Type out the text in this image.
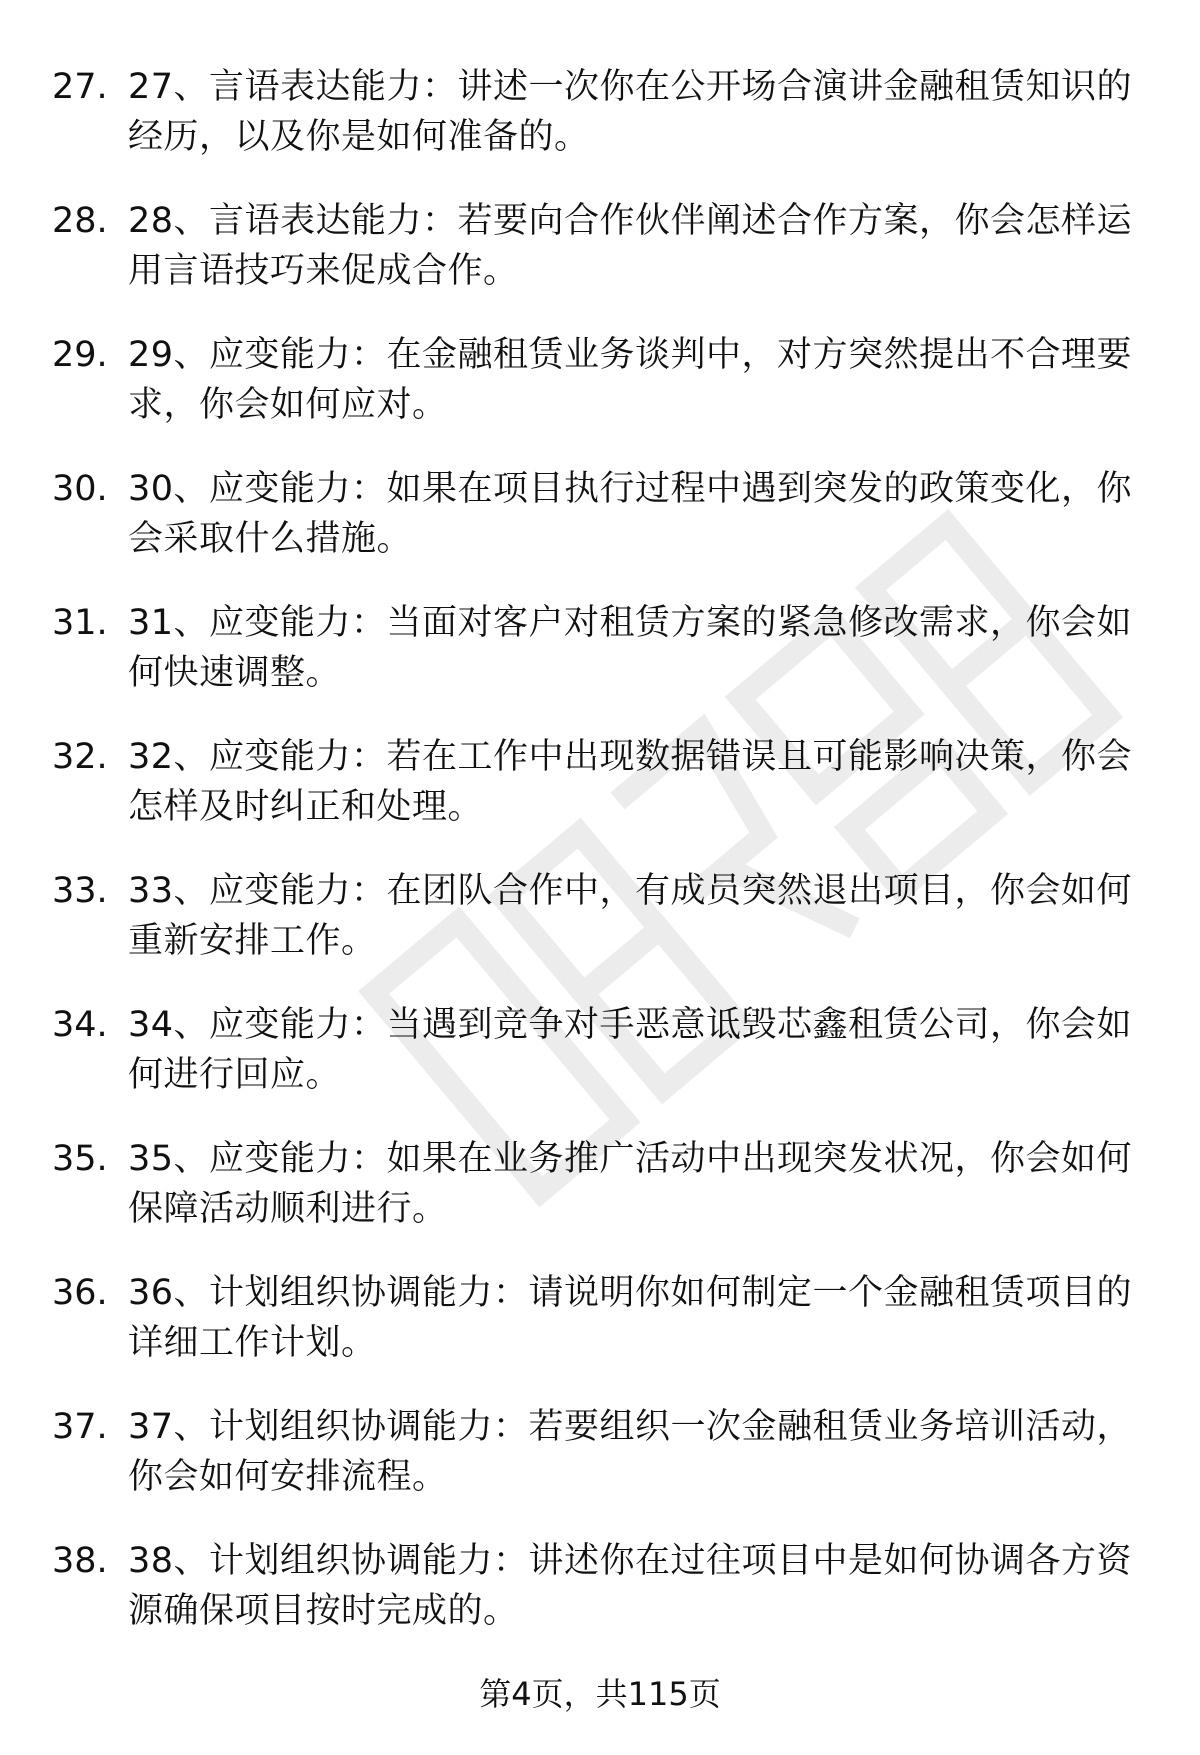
27. 27、言语表达能力：讲述一次你在公开场合演讲金融租赁知识的经历，以及你是如何准备的。
28. 28、言语表达能力：若要向合作伙伴阐述合作方案，你会怎样运用言语技巧来促成合作。
29. 29、应变能力：在金融租赁业务谈判中，对方突然提出不合理要求，你会如何应对。
30. 30、应变能力：如果在项目执行过程中遇到突发的政策变化，你会采取什么措施。
31. 31、应变能力：当面对客户对租赁方案的紧急修改需求，你会如何快速调整。
32. 32、应变能力：若在工作中出现数据错误且可能影响决策，你会怎样及时纠正和处理。
33. 33、应变能力：在团队合作中，有成员突然退出项目，你会如何重新安排工作。
34. 34、应变能力：当遇到竞争对手恶意诋毁芯鑫租赁公司，你会如何进行回应。
35. 35、应变能力：如果在业务推广活动中出现突发状况，你会如何保障活动顺利进行。
36. 36、计划组织协调能力：请说明你如何制定一个金融租赁项目的详细工作计划。
37. 37、计划组织协调能力：若要组织一次金融租赁业务培训活动，你会如何安排流程。
38. 38、计划组织协调能力：讲述你在过往项目中是如何协调各方资源确保项目按时完成的。
第4页，共115页
